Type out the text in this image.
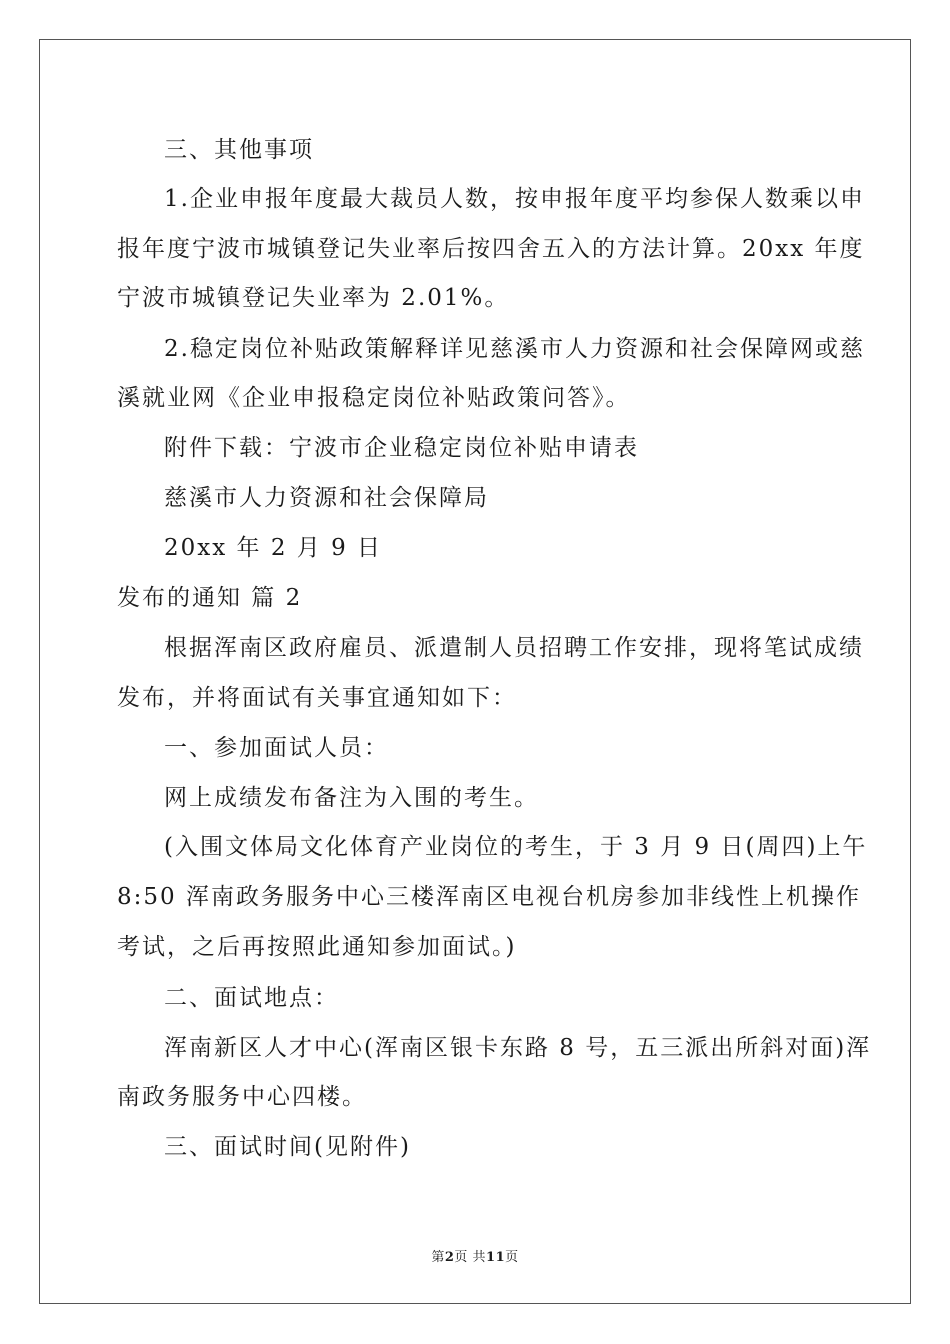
三、其他事项
1.企业申报年度最大裁员人数，按申报年度平均参保人数乘以申
报年度宁波市城镇登记失业率后按四舍五入的方法计算。20xx 年度
宁波市城镇登记失业率为 2.01%。
2.稳定岗位补贴政策解释详见慈溪市人力资源和社会保障网或慈
溪就业网《企业申报稳定岗位补贴政策问答》。
附件下载：宁波市企业稳定岗位补贴申请表
慈溪市人力资源和社会保障局
20xx 年 2 月 9 日
发布的通知 篇 2
根据浑南区政府雇员、派遣制人员招聘工作安排，现将笔试成绩
发布，并将面试有关事宜通知如下：
一、参加面试人员：
网上成绩发布备注为入围的考生。
(入围文体局文化体育产业岗位的考生，于 3 月 9 日(周四)上午
8:50 浑南政务服务中心三楼浑南区电视台机房参加非线性上机操作
考试，之后再按照此通知参加面试。)
二、面试地点：
浑南新区人才中心(浑南区银卡东路 8 号，五三派出所斜对面)浑
南政务服务中心四楼。
三、面试时间(见附件)
第2页 共11页
